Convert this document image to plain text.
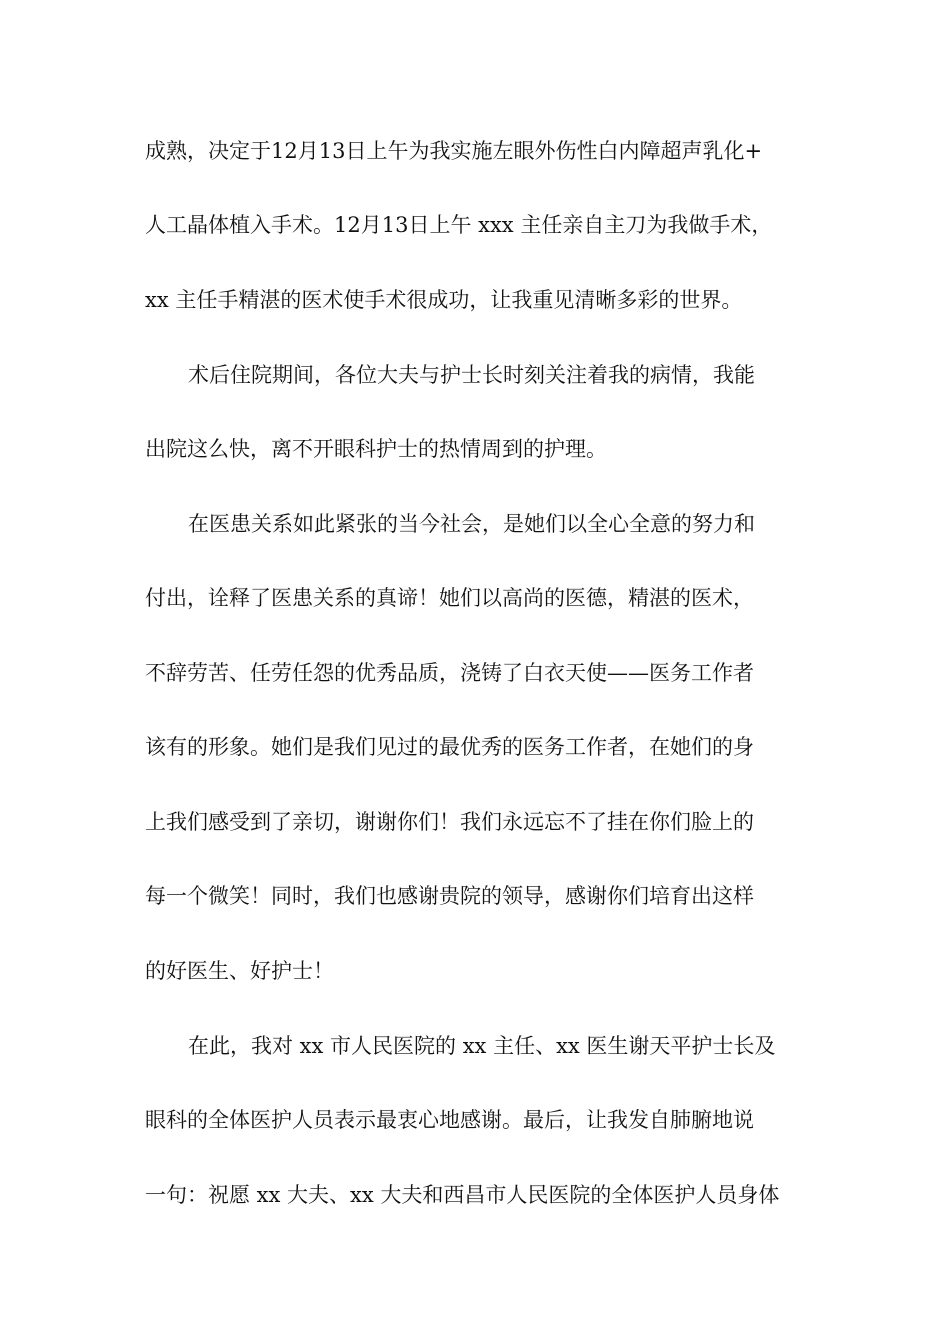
成熟，决定于12月13日上午为我实施左眼外伤性白内障超声乳化+
人工晶体植入手术。12月13日上午 xxx 主任亲自主刀为我做手术，
xx 主任手精湛的医术使手术很成功，让我重见清晰多彩的世界。
术后住院期间，各位大夫与护士长时刻关注着我的病情，我能
出院这么快，离不开眼科护士的热情周到的护理。
在医患关系如此紧张的当今社会，是她们以全心全意的努力和
付出，诠释了医患关系的真谛！她们以高尚的医德，精湛的医术，
不辞劳苦、任劳任怨的优秀品质，浇铸了白衣天使——医务工作者
该有的形象。她们是我们见过的最优秀的医务工作者，在她们的身
上我们感受到了亲切，谢谢你们！我们永远忘不了挂在你们脸上的
每一个微笑！同时，我们也感谢贵院的领导，感谢你们培育出这样
的好医生、好护士！
在此，我对 xx 市人民医院的 xx 主任、xx 医生谢天平护士长及
眼科的全体医护人员表示最衷心地感谢。最后，让我发自肺腑地说
一句：祝愿 xx 大夫、xx 大夫和西昌市人民医院的全体医护人员身体
